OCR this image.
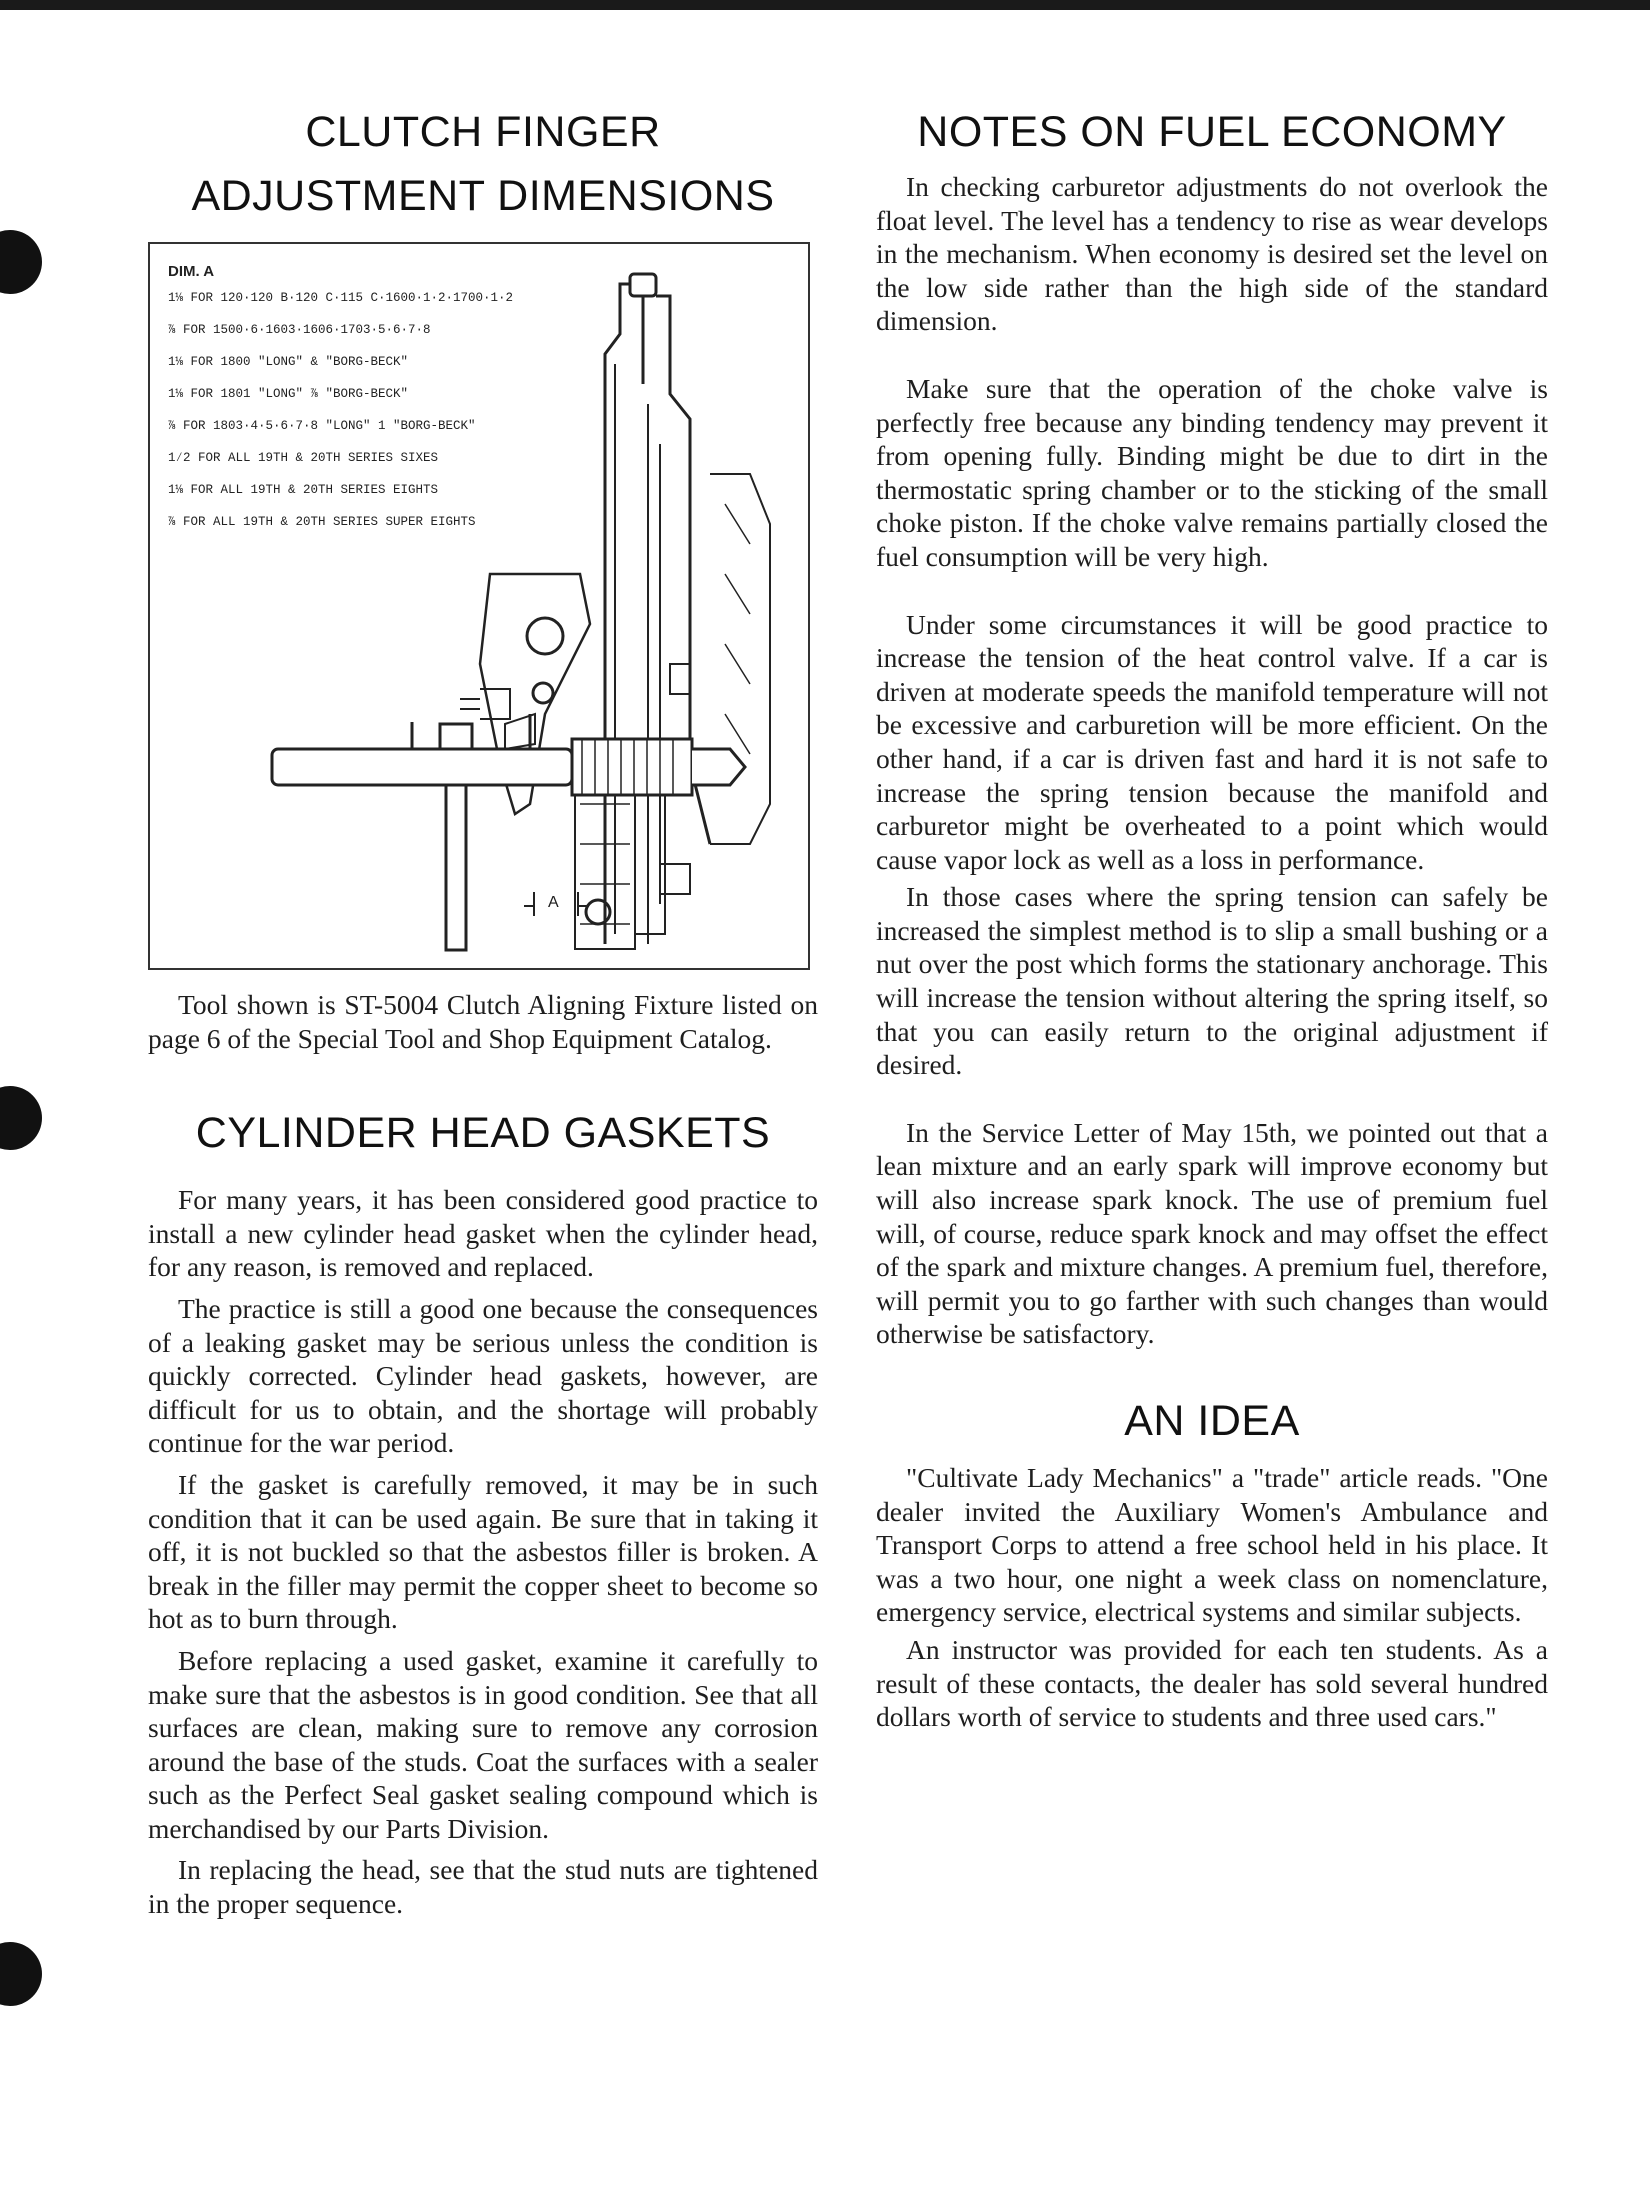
CLUTCH FINGER
ADJUSTMENT DIMENSIONS
DIM. A
1⅛ FOR 120·120 B·120 C·115 C·1600·1·2·1700·1·2
⅞ FOR 1500·6·1603·1606·1703·5·6·7·8
1⅛ FOR 1800 "LONG" & "BORG-BECK"
1⅛ FOR 1801 "LONG" ⅞ "BORG-BECK"
⅞ FOR 1803·4·5·6·7·8 "LONG" 1 "BORG-BECK"
1⁄2 FOR ALL 19TH & 20TH SERIES SIXES
1⅛ FOR ALL 19TH & 20TH SERIES EIGHTS
⅞ FOR ALL 19TH & 20TH SERIES SUPER EIGHTS
A

Tool shown is ST-5004 Clutch Aligning Fixture listed on page 6 of the Special Tool and Shop Equipment Catalog.

CYLINDER HEAD GASKETS

For many years, it has been considered good practice to install a new cylinder head gasket when the cylinder head, for any reason, is removed and replaced.

The practice is still a good one because the consequences of a leaking gasket may be serious unless the condition is quickly corrected. Cylinder head gaskets, however, are difficult for us to obtain, and the shortage will probably continue for the war period.

If the gasket is carefully removed, it may be in such condition that it can be used again. Be sure that in taking it off, it is not buckled so that the asbestos filler is broken. A break in the filler may permit the copper sheet to become so hot as to burn through.

Before replacing a used gasket, examine it carefully to make sure that the asbestos is in good condition. See that all surfaces are clean, making sure to remove any corrosion around the base of the studs. Coat the surfaces with a sealer such as the Perfect Seal gasket sealing compound which is merchandised by our Parts Division.

In replacing the head, see that the stud nuts are tightened in the proper sequence.

NOTES ON FUEL ECONOMY

In checking carburetor adjustments do not overlook the float level. The level has a tendency to rise as wear develops in the mechanism. When economy is desired set the level on the low side rather than the high side of the standard dimension.

Make sure that the operation of the choke valve is perfectly free because any binding tendency may prevent it from opening fully. Binding might be due to dirt in the thermostatic spring chamber or to the sticking of the small choke piston. If the choke valve remains partially closed the fuel consumption will be very high.

Under some circumstances it will be good practice to increase the tension of the heat control valve. If a car is driven at moderate speeds the manifold temperature will not be excessive and carburetion will be more efficient. On the other hand, if a car is driven fast and hard it is not safe to increase the spring tension because the manifold and carburetor might be overheated to a point which would cause vapor lock as well as a loss in performance.

In those cases where the spring tension can safely be increased the simplest method is to slip a small bushing or a nut over the post which forms the stationary anchorage. This will increase the tension without altering the spring itself, so that you can easily return to the original adjustment if desired.

In the Service Letter of May 15th, we pointed out that a lean mixture and an early spark will improve economy but will also increase spark knock. The use of premium fuel will, of course, reduce spark knock and may offset the effect of the spark and mixture changes. A premium fuel, therefore, will permit you to go farther with such changes than would otherwise be satisfactory.

AN IDEA

"Cultivate Lady Mechanics" a "trade" article reads. "One dealer invited the Auxiliary Women's Ambulance and Transport Corps to attend a free school held in his place. It was a two hour, one night a week class on nomenclature, emergency service, electrical systems and similar subjects.

An instructor was provided for each ten students. As a result of these contacts, the dealer has sold several hundred dollars worth of service to students and three used cars."
